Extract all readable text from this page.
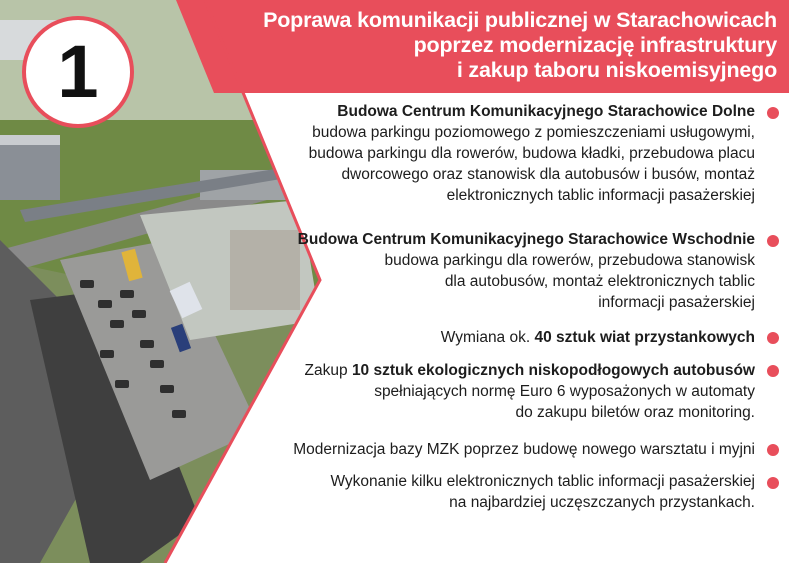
Poprawa komunikacji publicznej w Starachowicach
poprzez modernizację infrastruktury
i zakup taboru niskoemisyjnego
1	Budowa Centrum Komunikacyjnego Starachowice Dolne
budowa parkingu poziomowego z pomieszczeniami usługowymi,
budowa parkingu dla rowerów, budowa kładki, przebudowa placu
dworcowego oraz stanowisk dla autobusów i busów, montaż
elektronicznych tablic informacji pasażerskiej
Budowa Centrum Komunikacyjnego Starachowice Wschodnie
budowa parkingu dla rowerów, przebudowa stanowisk
dla autobusów, montaż elektronicznych tablic
informacji pasażerskiej
Wymiana ok. 40 sztuk wiat przystankowych
Zakup 10 sztuk ekologicznych niskopodłogowych autobusów
spełniających normę Euro 6 wyposażonych w automaty
do zakupu biletów oraz monitoring.
Modernizacja bazy MZK poprzez budowę nowego warsztatu i myjni
Wykonanie kilku elektronicznych tablic informacji pasażerskiej
na najbardziej uczęszczanych przystankach.
